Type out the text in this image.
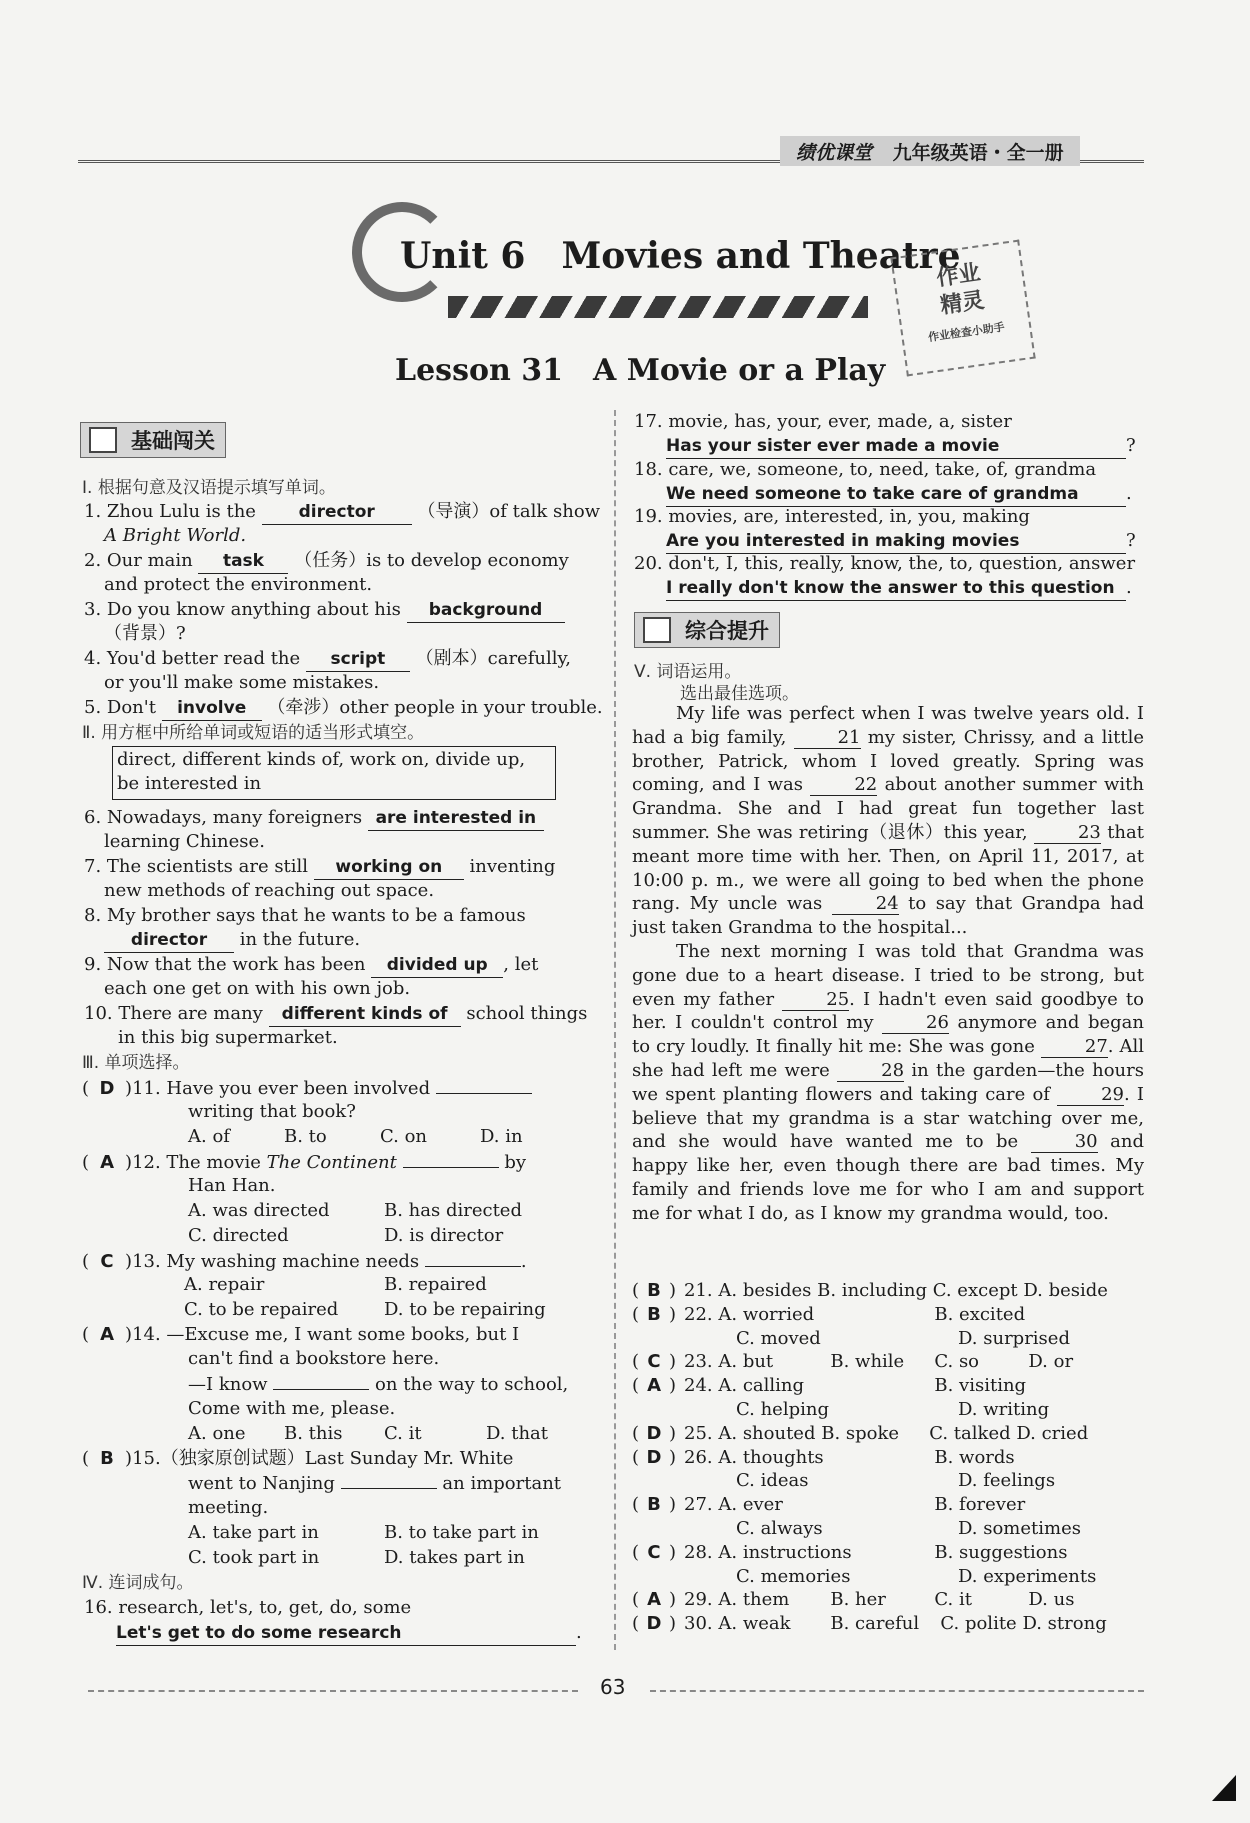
绩优课堂 九年级英语・全一册
Unit 6　Movies and Theatre
作业
精灵
作业检查小助手
Lesson 31　A Movie or a Play
基础闯关
Ⅰ. 根据句意及汉语提示填写单词。
1. Zhou Lulu is the	director （导演）of talk show
A Bright World.
2. Our main task （任务）is to develop economy
and protect the environment.
3. Do you know anything about his background
（背景）?
4. You'd better read the script （剧本）carefully,
or you'll make some mistakes.
5. Don't involve （牵涉）other people in your trouble.
Ⅱ. 用方框中所给单词或短语的适当形式填空。
direct, different kinds of, work on, divide up,
be interested in
6. Nowadays, many foreigners are interested in
learning Chinese.
7. The scientists are still working on inventing
new methods of reaching out space.
8. My brother says that he wants to be a famous
director in the future.
9. Now that the work has been divided up , let
each one get on with his own job.
10. There are many different kinds of school things
in this big supermarket.
Ⅲ. 单项选择。
( D )11. Have you ever been involved
writing that book?
A. of	B. to	C. on	D. in
( A )12. The movie The Continent	by
Han Han.
A. was directed	B. has directed
C. directed	D. is director
( C )13. My washing machine needs	.
A. repair	B. repaired
C. to be repaired	D. to be repairing
( A )14. —Excuse me, I want some books, but I
can't find a bookstore here.
—I know	on the way to school,
Come with me, please.
A. one B. this C. it	D. that
( B )15.（独家原创试题）Last Sunday Mr. White
went to Nanjing	an important
meeting.
A. take part in	B. to take part in
C. took part in	D. takes part in
Ⅳ. 连词成句。
16. research, let's, to, get, do, some
Let's get to do some research	.
17. movie, has, your, ever, made, a, sister
Has your sister ever made a movie	?
18. care, we, someone, to, need, take, of, grandma
We need someone to take care of grandma	.
19. movies, are, interested, in, you, making
Are you interested in making movies	?
20. don't, I, this, really, know, the, to, question, answer
I really don't know the answer to this question .
综合提升
Ⅴ. 词语运用。
选出最佳选项。

My life was perfect when I was twelve years old. I had a big family,	21 my sister, Chrissy, and a little brother, Patrick, whom I loved greatly. Spring was coming, and I was	22 about another summer with Grandma. She and I had great fun together last summer. She was retiring（退休）this year,	23 that meant more time with her. Then, on April 11, 2017, at 10:00 p. m., we were all going to bed when the phone rang. My uncle was	24 to say that Grandpa had just taken Grandma to the hospital...

The next morning I was told that Grandma was gone due to a heart disease. I tried to be strong, but even my father	25. I hadn't even said goodbye to her. I couldn't control my	26 anymore and began to cry loudly. It finally hit me: She was gone	27. All she had left me were	28 in the garden—the hours we spent planting flowers and taking care of	29. I believe that my grandma is a star watching over me, and she would have wanted me to be	30 and happy like her, even though there are bad times. My family and friends love me for who I am and support me for what I do, as I know my grandma would, too.

( B ) 21. A. besides B. including C. except D. beside
( B ) 22. A. worried	B. excited
C. moved	D. surprised
( C ) 23. A. but	B. while C. so	D. or
( A ) 24. A. calling	B. visiting
C. helping	D. writing
( D ) 25. A. shouted B. spoke C. talked D. cried
( D ) 26. A. thoughts	B. words
C. ideas	D. feelings
( B ) 27. A. ever	B. forever
C. always	D. sometimes
( C ) 28. A. instructions	B. suggestions
C. memories	D. experiments
( A ) 29. A. them B. her	C. it	D. us
( D ) 30. A. weak B. careful C. polite D. strong
63
